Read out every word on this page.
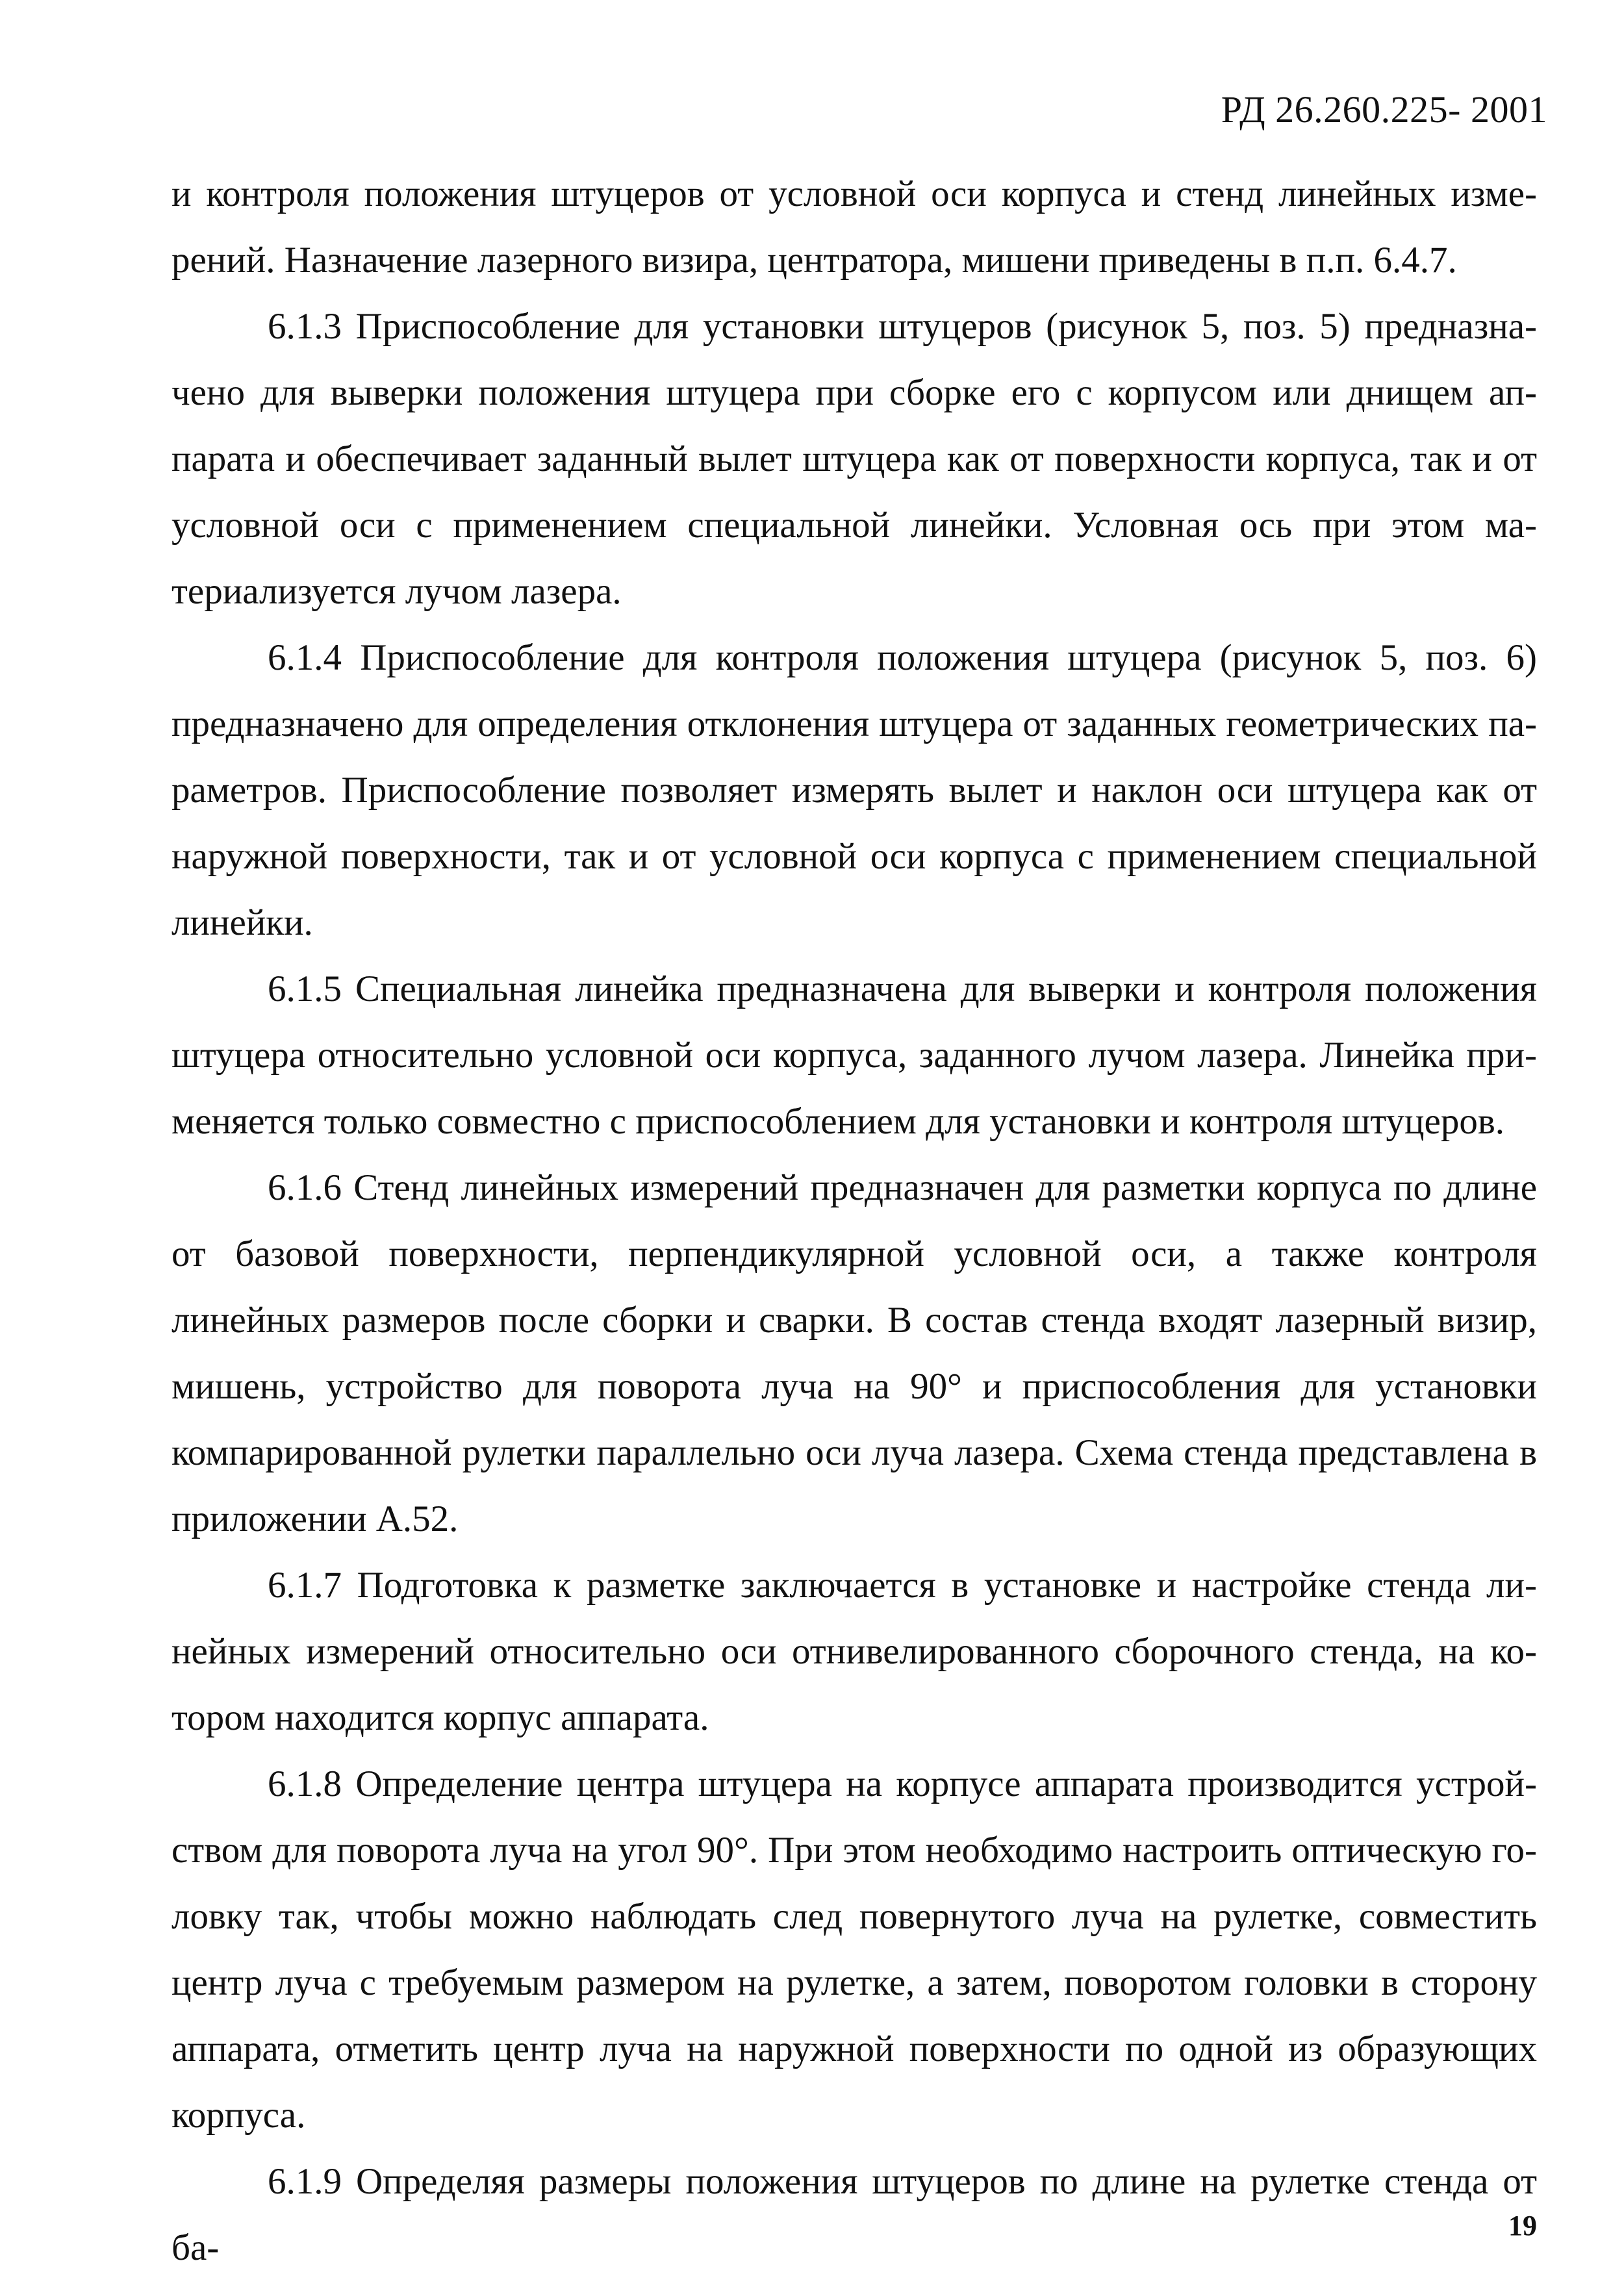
РД 26.260.225- 2001

и контроля положения штуцеров от условной оси корпуса и стенд линейных измерений. Назначение лазерного визира, центратора, мишени приведены в п.п. 6.4.7.

6.1.3 Приспособление для установки штуцеров (рисунок 5, поз. 5) предназначено для выверки положения штуцера при сборке его с корпусом или днищем аппарата и обеспечивает заданный вылет штуцера как от поверхности корпуса, так и от условной оси с применением специальной линейки. Условная ось при этом материализуется лучом лазера.

6.1.4 Приспособление для контроля положения штуцера (рисунок 5, поз. 6) предназначено для определения отклонения штуцера от заданных геометрических параметров. Приспособление позволяет измерять вылет и наклон оси штуцера как от наружной поверхности, так и от условной оси корпуса с применением специальной линейки.

6.1.5 Специальная линейка предназначена для выверки и контроля положения штуцера относительно условной оси корпуса, заданного лучом лазера. Линейка применяется только совместно с приспособлением для установки и контроля штуцеров.

6.1.6 Стенд линейных измерений предназначен для разметки корпуса по длине от базовой поверхности, перпендикулярной условной оси, а также контроля линейных размеров после сборки и сварки. В состав стенда входят лазерный визир, мишень, устройство для поворота луча на 90° и приспособления для установки компарированной рулетки параллельно оси луча лазера. Схема стенда представлена в приложении А.52.

6.1.7 Подготовка к разметке заключается в установке и настройке стенда линейных измерений относительно оси отнивелированного сборочного стенда, на котором находится корпус аппарата.

6.1.8 Определение центра штуцера на корпусе аппарата производится устройством для поворота луча на угол 90°. При этом необходимо настроить оптическую головку так, чтобы можно наблюдать след повернутого луча на рулетке, совместить центр луча с требуемым размером на рулетке, а затем, поворотом головки в сторону аппарата, отметить центр луча на наружной поверхности по одной из образующих корпуса.

6.1.9 Определяя размеры положения штуцеров по длине на рулетке стенда от ба-

19
